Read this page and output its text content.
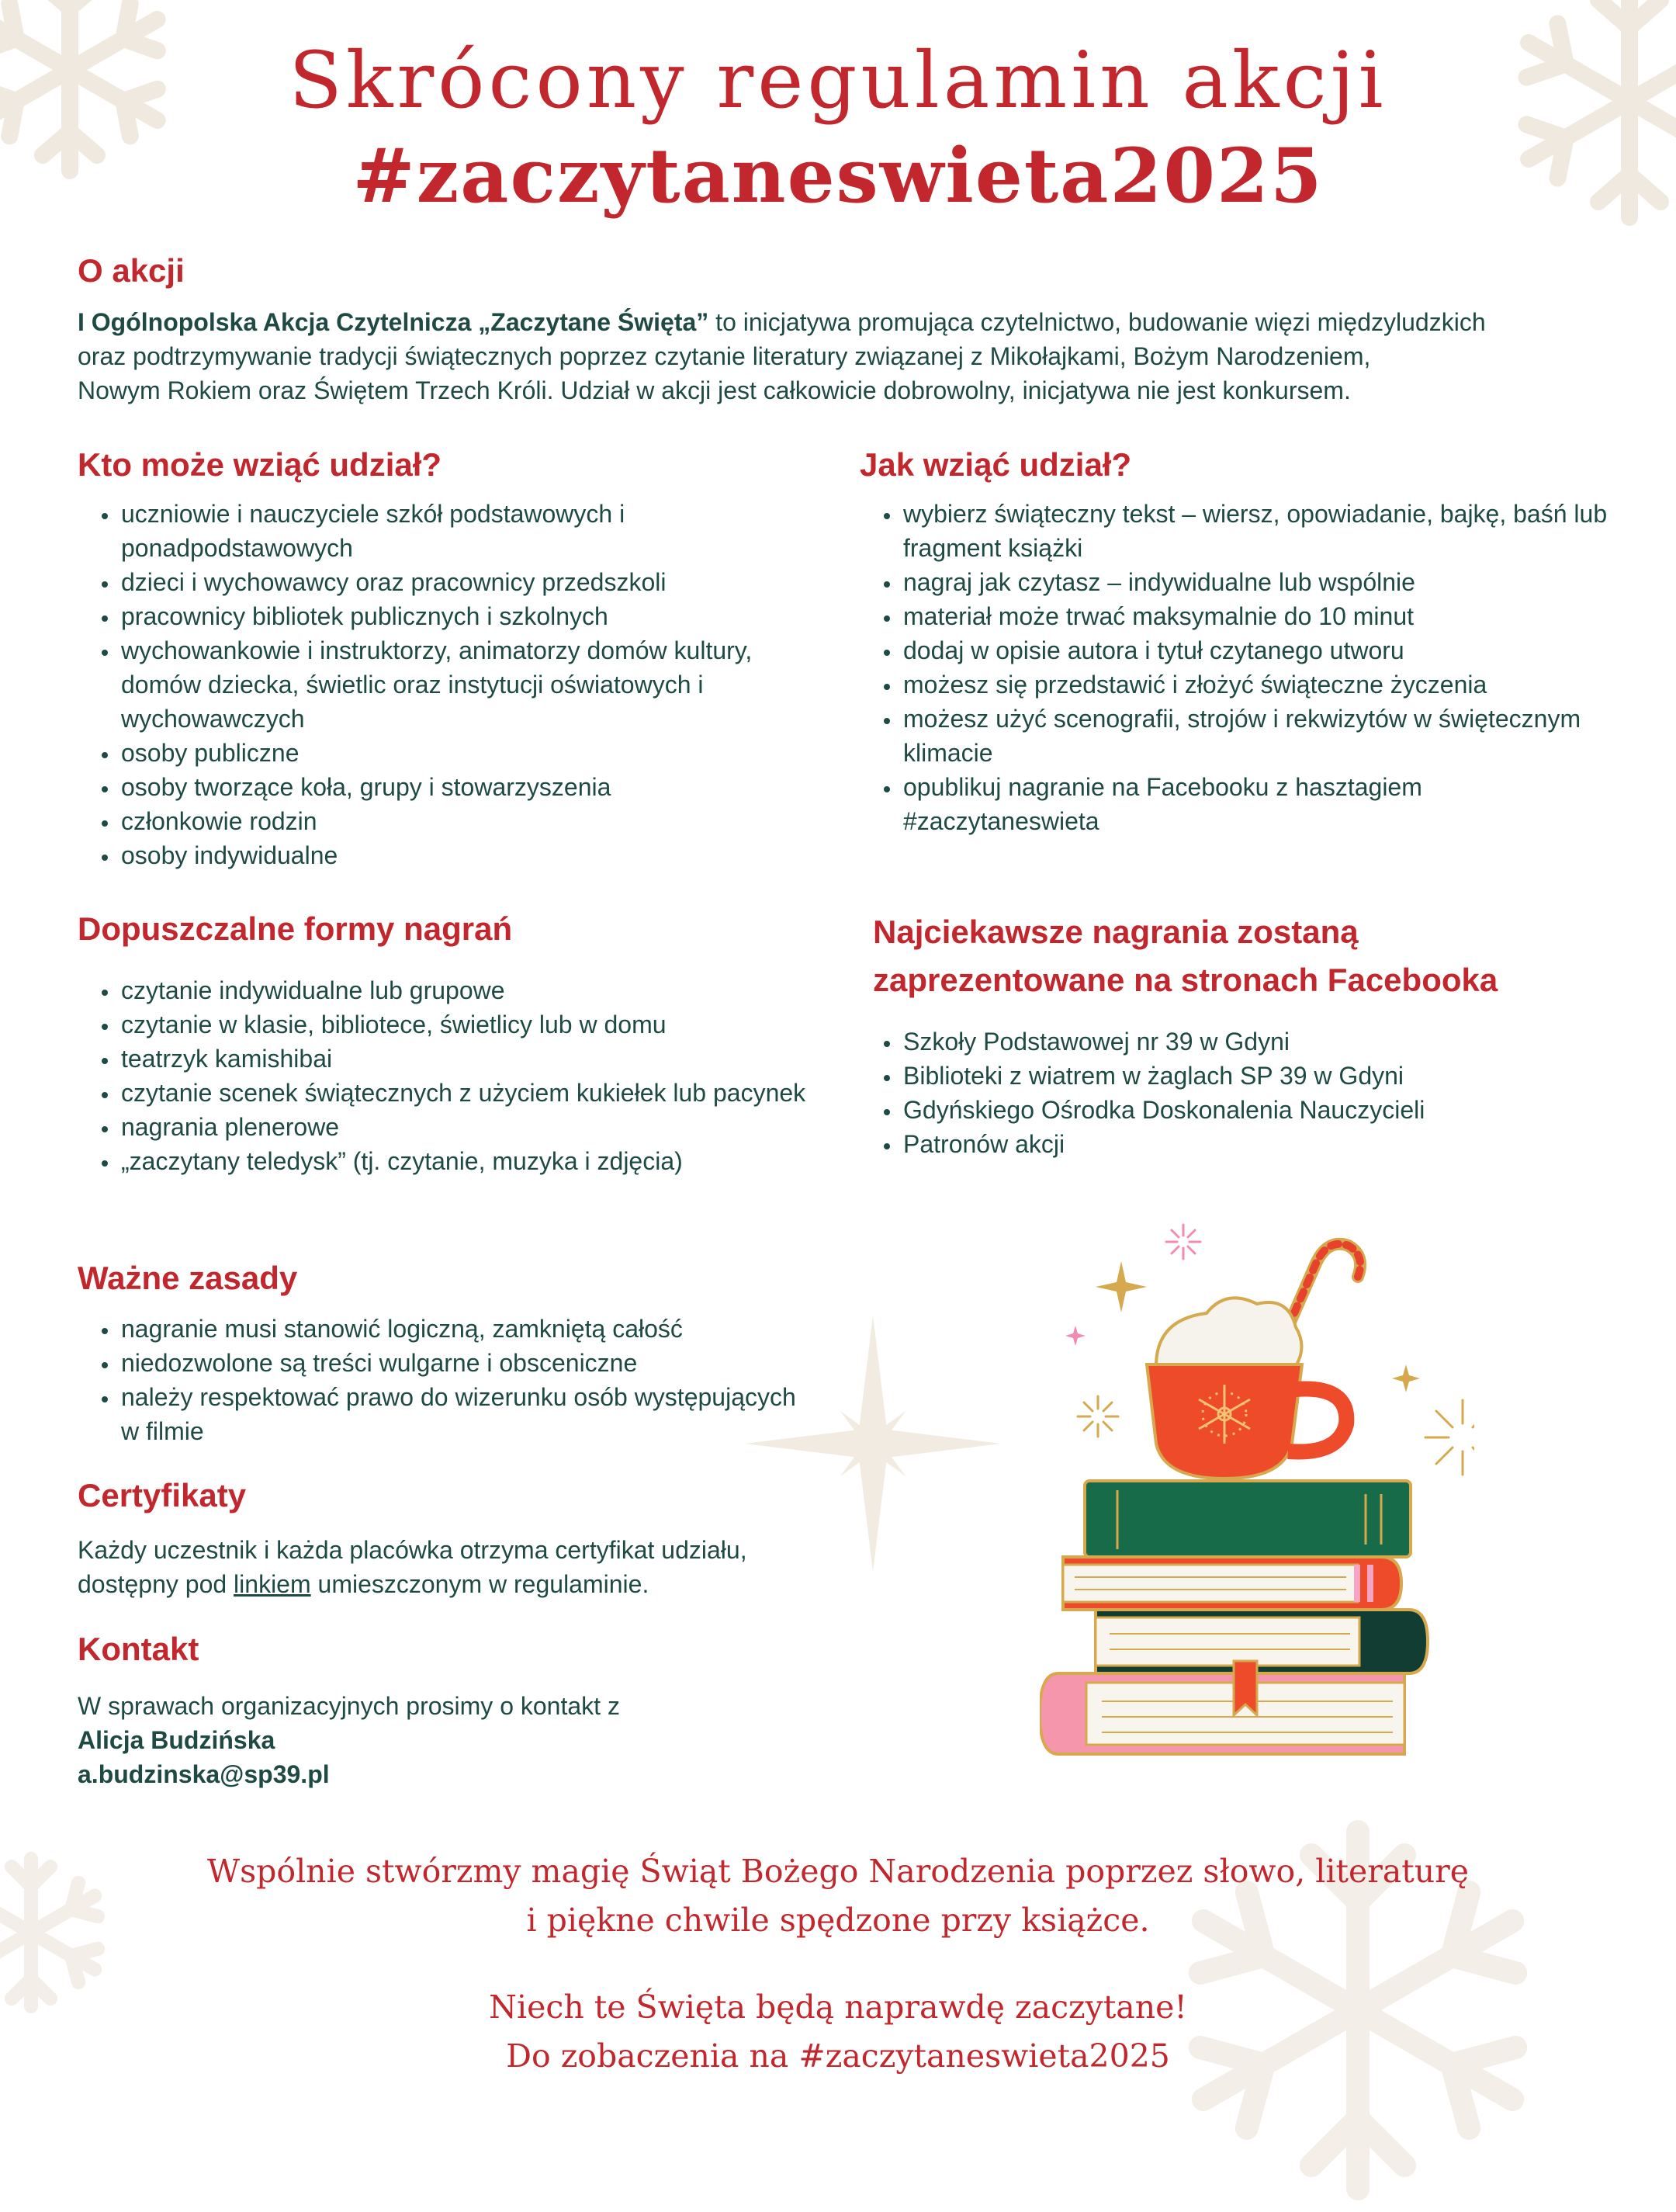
Skrócony regulamin akcji
#zaczytaneswieta2025
O akcji
I Ogólnopolska Akcja Czytelnicza „Zaczytane Święta” to inicjatywa promująca czytelnictwo, budowanie więzi międzyludzkich
oraz podtrzymywanie tradycji świątecznych poprzez czytanie literatury związanej z Mikołajkami, Bożym Narodzeniem,
Nowym Rokiem oraz Świętem Trzech Króli. Udział w akcji jest całkowicie dobrowolny, inicjatywa nie jest konkursem.
Kto może wziąć udział?
• uczniowie i nauczyciele szkół podstawowych i ponadpodstawowych
• dzieci i wychowawcy oraz pracownicy przedszkoli
• pracownicy bibliotek publicznych i szkolnych
• wychowankowie i instruktorzy, animatorzy domów kultury, domów dziecka, świetlic oraz instytucji oświatowych i wychowawczych
• osoby publiczne
• osoby tworzące koła, grupy i stowarzyszenia
• członkowie rodzin
• osoby indywidualne
Jak wziąć udział?
• wybierz świąteczny tekst – wiersz, opowiadanie, bajkę, baśń lub fragment książki
• nagraj jak czytasz – indywidualne lub wspólnie
• materiał może trwać maksymalnie do 10 minut
• dodaj w opisie autora i tytuł czytanego utworu
• możesz się przedstawić i złożyć świąteczne życzenia
• możesz użyć scenografii, strojów i rekwizytów w świętecznym klimacie
• opublikuj nagranie na Facebooku z hasztagiem #zaczytaneswieta
Dopuszczalne formy nagrań
• czytanie indywidualne lub grupowe
• czytanie w klasie, bibliotece, świetlicy lub w domu
• teatrzyk kamishibai
• czytanie scenek świątecznych z użyciem kukiełek lub pacynek
• nagrania plenerowe
• „zaczytany teledysk” (tj. czytanie, muzyka i zdjęcia)
Najciekawsze nagrania zostaną
zaprezentowane na stronach Facebooka
• Szkoły Podstawowej nr 39 w Gdyni
• Biblioteki z wiatrem w żaglach SP 39 w Gdyni
• Gdyńskiego Ośrodka Doskonalenia Nauczycieli
• Patronów akcji
Ważne zasady
• nagranie musi stanowić logiczną, zamkniętą całość
• niedozwolone są treści wulgarne i obsceniczne
• należy respektować prawo do wizerunku osób występujących w filmie
Certyfikaty
Każdy uczestnik i każda placówka otrzyma certyfikat udziału,
dostępny pod linkiem umieszczonym w regulaminie.
Kontakt
W sprawach organizacyjnych prosimy o kontakt z
Alicja Budzińska
a.budzinska@sp39.pl
Wspólnie stwórzmy magię Świąt Bożego Narodzenia poprzez słowo, literaturę
i piękne chwile spędzone przy książce.
Niech te Święta będą naprawdę zaczytane!
Do zobaczenia na #zaczytaneswieta2025
